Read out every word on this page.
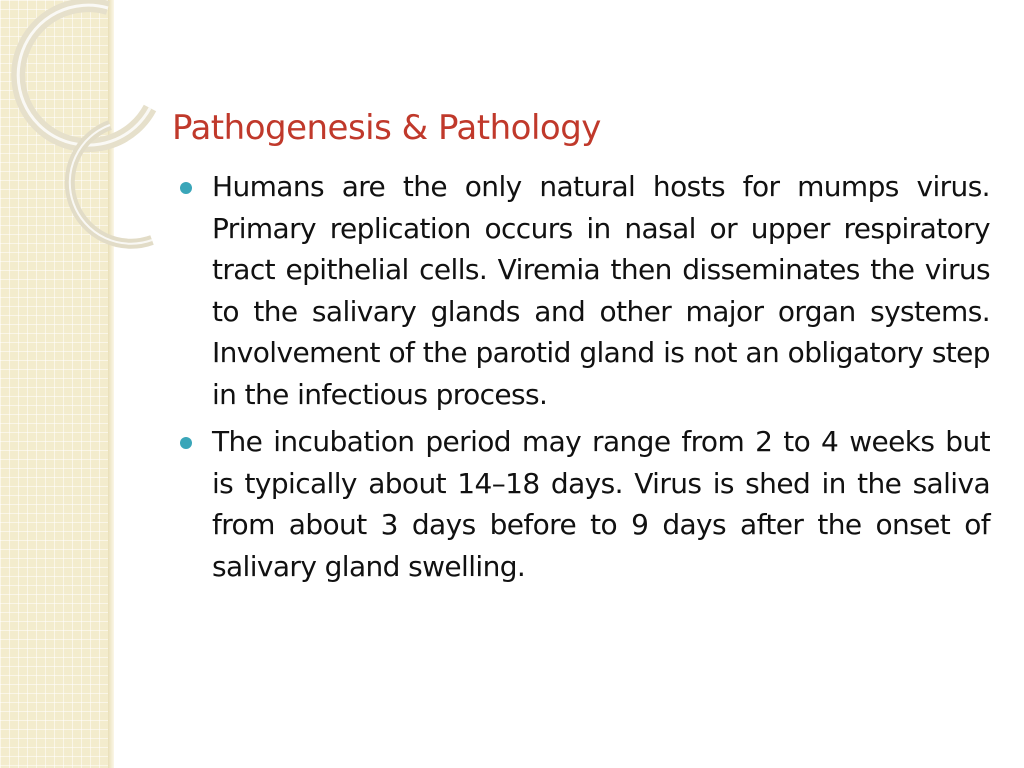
Pathogenesis & Pathology
Humans are the only natural hosts for mumps virus. Primary replication occurs in nasal or upper respiratory tract epithelial cells. Viremia then disseminates the virus to the salivary glands and other major organ systems. Involvement of the parotid gland is not an obligatory step in the infectious process.
The incubation period may range from 2 to 4 weeks but is typically about 14–18 days. Virus is shed in the saliva from about 3 days before to 9 days after the onset of salivary gland swelling.
